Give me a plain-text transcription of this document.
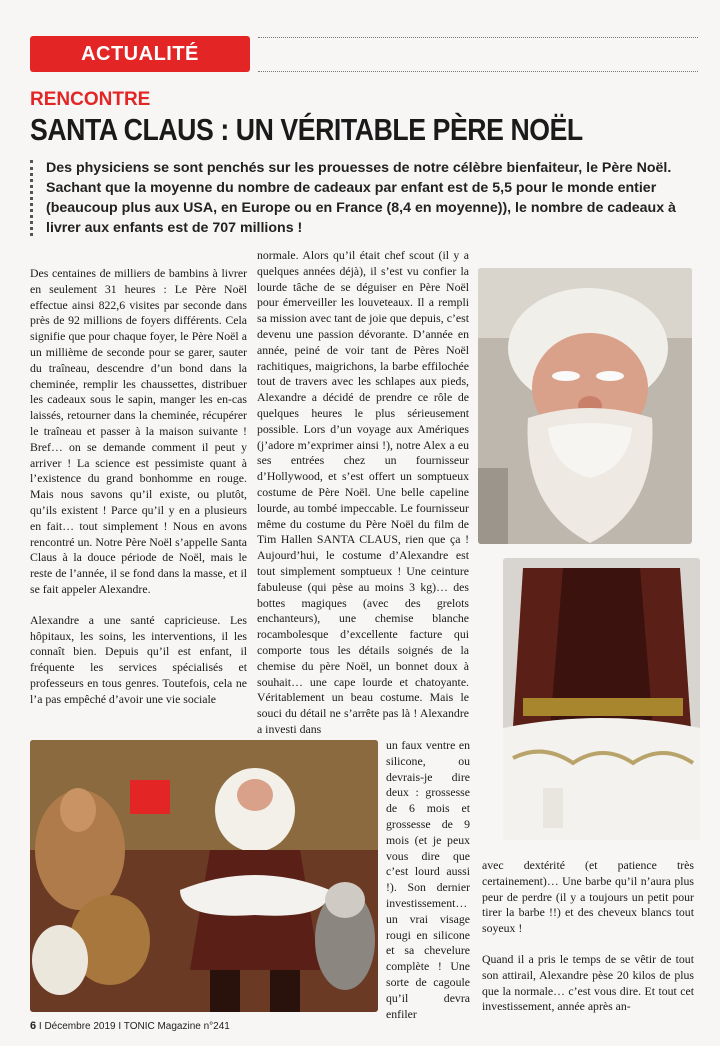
ACTUALITÉ
RENCONTRE
SANTA CLAUS : UN VÉRITABLE PÈRE NOËL
Des physiciens se sont penchés sur les prouesses de notre célèbre bienfaiteur, le Père Noël. Sachant que la moyenne du nombre de cadeaux par enfant est de 5,5 pour le monde entier (beaucoup plus aux USA, en Europe ou en France (8,4 en moyenne)), le nombre de cadeaux à livrer aux enfants est de 707 millions !

Des centaines de milliers de bambins à livrer en seulement 31 heures : Le Père Noël effectue ainsi 822,6 visites par seconde dans près de 92 millions de foyers différents. Cela signifie que pour chaque foyer, le Père Noël a un millième de seconde pour se garer, sauter du traîneau, descendre d’un bond dans la cheminée, remplir les chaussettes, distribuer les cadeaux sous le sapin, manger les en-cas laissés, retourner dans la cheminée, récupérer le traîneau et passer à la maison suivante ! Bref… on se demande comment il peut y arriver ! La science est pessimiste quant à l’existence du grand bonhomme en rouge. Mais nous savons qu’il existe, ou plutôt, qu’ils existent ! Parce qu’il y en a plusieurs en fait… tout simplement ! Nous en avons rencontré un. Notre Père Noël s’appelle Santa Claus à la douce période de Noël, mais le reste de l’année, il se fond dans la masse, et il se fait appeler Alexandre.

Alexandre a une santé capricieuse. Les hôpitaux, les soins, les interventions, il les connaît bien. Depuis qu’il est enfant, il fréquente les services spécialisés et professeurs en tous genres. Toutefois, cela ne l’a pas empêché d’avoir une vie sociale

normale. Alors qu’il était chef scout (il y a quelques années déjà), il s’est vu confier la lourde tâche de se déguiser en Père Noël pour émerveiller les louveteaux. Il a rempli sa mission avec tant de joie que depuis, c’est devenu une passion dévorante. D’année en année, peiné de voir tant de Pères Noël rachitiques, maigrichons, la barbe effilochée tout de travers avec les schlapes aux pieds, Alexandre a décidé de prendre ce rôle de quelques heures le plus sérieusement possible. Lors d’un voyage aux Amériques (j’adore m’exprimer ainsi !), notre Alex a eu ses entrées chez un fournisseur d’Hollywood, et s’est offert un somptueux costume de Père Noël. Une belle capeline lourde, au tombé impeccable. Le fournisseur même du costume du Père Noël du film de Tim Hallen SANTA CLAUS, rien que ça ! Aujourd’hui, le costume d’Alexandre est tout simplement somptueux ! Une ceinture fabuleuse (qui pèse au moins 3 kg)… des bottes magiques (avec des grelots enchanteurs), une chemise blanche rocambolesque d’excellente facture qui comporte tous les détails soignés de la chemise du père Noël, un bonnet doux à souhait… une cape lourde et chatoyante. Véritablement un beau costume. Mais le souci du détail ne s’arrête pas là ! Alexandre a investi dans

un faux ventre en silicone, ou devrais-je dire deux : grossesse de 6 mois et grossesse de 9 mois (et je peux vous dire que c’est lourd aussi !). Son dernier investissement… un vrai visage rougi en silicone et sa chevelure complète ! Une sorte de cagoule qu’il devra enfiler

avec dextérité (et patience très certainement)… Une barbe qu’il n’aura plus peur de perdre (il y a toujours un petit pour tirer la barbe !!) et des cheveux blancs tout soyeux !

Quand il a pris le temps de se vêtir de tout son attirail, Alexandre pèse 20 kilos de plus que la normale… c’est vous dire. Et tout cet investissement, année après an-

6 I Décembre 2019 I TONIC Magazine n°241
